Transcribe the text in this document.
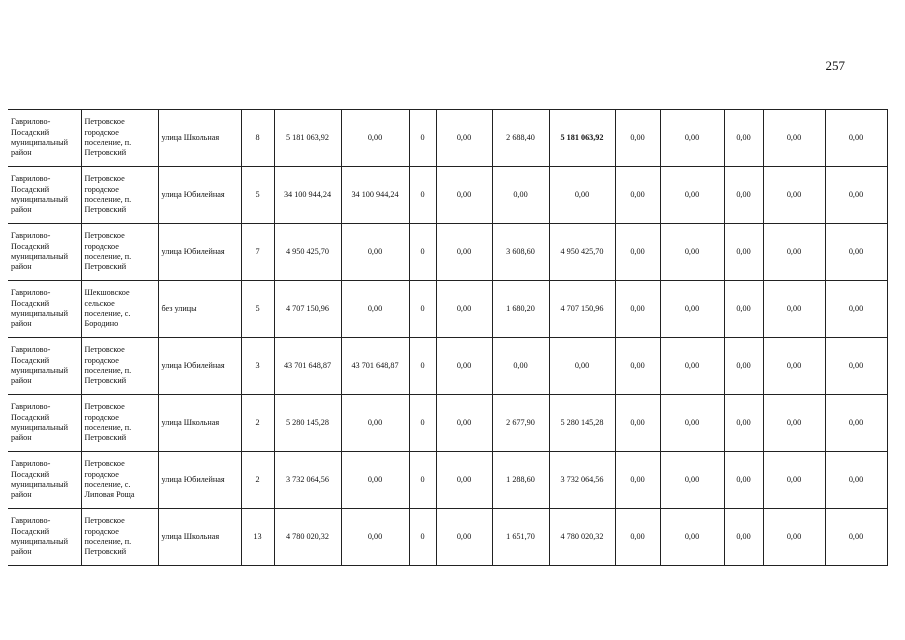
257
Гаврилово-Посадский муниципальный район	Петровское городское поселение, п. Петровский	улица Школьная	8	5 181 063,92	0,00	0	0,00	2 688,40	5 181 063,92	0,00	0,00	0,00	0,00	0,00
Гаврилово-Посадский муниципальный район	Петровское городское поселение, п. Петровский	улица Юбилейная	5	34 100 944,24	34 100 944,24	0	0,00	0,00	0,00	0,00	0,00	0,00	0,00	0,00
Гаврилово-Посадский муниципальный район	Петровское городское поселение, п. Петровский	улица Юбилейная	7	4 950 425,70	0,00	0	0,00	3 608,60	4 950 425,70	0,00	0,00	0,00	0,00	0,00
Гаврилово-Посадский муниципальный район	Шекшовское сельское поселение, с. Бородино	без улицы	5	4 707 150,96	0,00	0	0,00	1 680,20	4 707 150,96	0,00	0,00	0,00	0,00	0,00
Гаврилово-Посадский муниципальный район	Петровское городское поселение, п. Петровский	улица Юбилейная	3	43 701 648,87	43 701 648,87	0	0,00	0,00	0,00	0,00	0,00	0,00	0,00	0,00
Гаврилово-Посадский муниципальный район	Петровское городское поселение, п. Петровский	улица Школьная	2	5 280 145,28	0,00	0	0,00	2 677,90	5 280 145,28	0,00	0,00	0,00	0,00	0,00
Гаврилово-Посадский муниципальный район	Петровское городское поселение, с. Липовая Роща	улица Юбилейная	2	3 732 064,56	0,00	0	0,00	1 288,60	3 732 064,56	0,00	0,00	0,00	0,00	0,00
Гаврилово-Посадский муниципальный район	Петровское городское поселение, п. Петровский	улица Школьная	13	4 780 020,32	0,00	0	0,00	1 651,70	4 780 020,32	0,00	0,00	0,00	0,00	0,00
